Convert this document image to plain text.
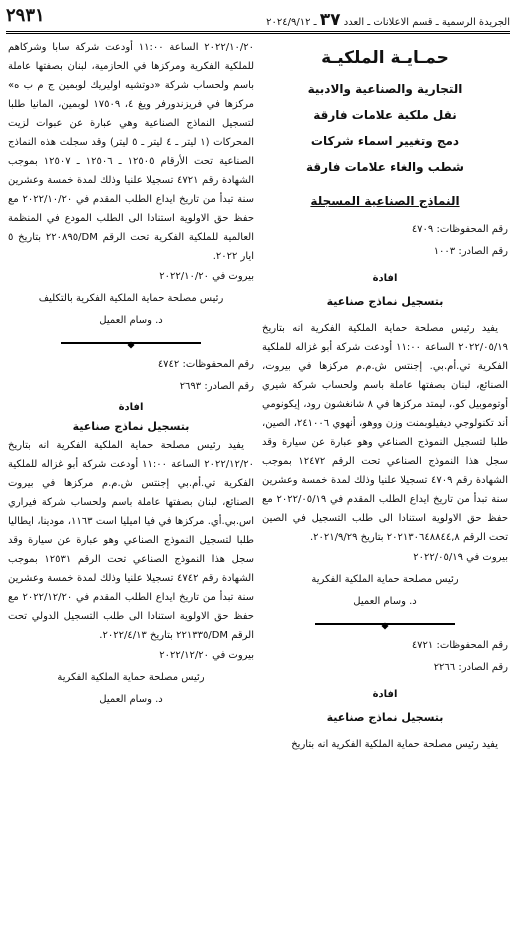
الجريدة الرسمية ـ قسم الاعلانات ـ العدد ٣٧ ـ ٢٠٢٤/٩/١٢
٢٩٣١
حمـايـة الملكيـة

التجارية والصناعية والادبية

نقل ملكية علامات فارقة

دمج وتغيير اسماء شركات

شطب والغاء علامات فارقة

النماذج الصناعية المسجلة

رقم المحفوظات: ٤٧٠٩

رقم الصادر: ١٠٠٣

افادة

بتسجيل نماذج صناعية

يفيد رئيس مصلحة حماية الملكية الفكرية انه بتاريخ ٢٠٢٢/٠٥/١٩ الساعة ١١:٠٠ أودعت شركة أبو غزاله للملكية الفكرية تي.أم.بي. إجنتس ش.م.م مركزها في بيروت، الصنائع، لبنان بصفتها عاملة باسم ولحساب شركة شيري أوتوموبيل كو.، ليمتد مركزها في ٨ شانغشون رود، إيكونومي أند تكنولوجي ديفيلوبمنت وزن ووهو، أنهوي ٢٤١٠٠٦، الصين، طلبا لتسجيل النموذج الصناعي وهو عبارة عن سيارة وقد سجل هذا النموذج الصناعي تحت الرقم ١٢٤٧٢ بموجب الشهادة رقم ٤٧٠٩ تسجيلا علنيا وذلك لمدة خمسة وعشرين سنة تبدأ من تاريخ ايداع الطلب المقدم في ٢٠٢٢/٠٥/١٩ مع حفظ حق الاولوية استنادا الى طلب التسجيل في الصين تحت الرقم ٢٠٢١٣٠٦٤٨٨٤٤,٨ بتاريخ ٢٠٢١/٩/٢٩.

بيروت في ٢٠٢٢/٠٥/١٩

رئيس مصلحة حماية الملكية الفكرية

د. وسام العميل

رقم المحفوظات: ٤٧٢١

رقم الصادر: ٢٢٦٦

افادة

بتسجيل نماذج صناعية

يفيد رئيس مصلحة حماية الملكية الفكرية انه بتاريخ

٢٠٢٢/١٠/٢٠ الساعة ١١:٠٠ أودعت شركة سابا وشركاهم للملكية الفكرية ومركزها في الحازمية، لبنان بصفتها عاملة باسم ولحساب شركة «دوتشيه اوليريك لوبمين ج م ب ه» مركزها في فريزندورفر ويغ ٤، ١٧٥٠٩ لوبمين، المانيا طلبا لتسجيل النماذج الصناعية وهي عبارة عن عبوات لزيت المحركات (١ ليتر ـ ٤ ليتر ـ ٥ ليتر) وقد سجلت هذه النماذج الصناعية تحت الأرقام ١٢٥٠٥ ـ ١٢٥٠٦ ـ ١٢٥٠٧ بموجب الشهادة رقم ٤٧٢١ تسجيلا علنيا وذلك لمدة خمسة وعشرين سنة تبدأ من تاريخ ايداع الطلب المقدم في ٢٠٢٢/١٠/٢٠ مع حفظ حق الاولوية استنادا الى الطلب المودع في المنظمة العالمية للملكية الفكرية تحت الرقم DM/٢٢٠٨٩٥ بتاريخ ٥ ايار ٢٠٢٢.

بيروت في ٢٠٢٢/١٠/٢٠

رئيس مصلحة حماية الملكية الفكرية بالتكليف

د. وسام العميل

رقم المحفوظات: ٤٧٤٢

رقم الصادر: ٢٦٩٣

افادة

بتسجيل نماذج صناعية

يفيد رئيس مصلحة حماية الملكية الفكرية انه بتاريخ ٢٠٢٢/١٢/٢٠ الساعة ١١:٠٠ أودعت شركة أبو غزاله للملكية الفكرية تي.أم.بي إجنتس ش.م.م مركزها في بيروت الصنائع، لبنان بصفتها عاملة باسم ولحساب شركة فيراري اس.بي.أي. مركزها في فيا اميليا است ١١٦٣، مودينا، ايطاليا طلبا لتسجيل النموذج الصناعي وهو عبارة عن سيارة وقد سجل هذا النموذج الصناعي تحت الرقم ١٢٥٣١ بموجب الشهادة رقم ٤٧٤٢ تسجيلا علنيا وذلك لمدة خمسة وعشرين سنة تبدأ من تاريخ ايداع الطلب المقدم في ٢٠٢٢/١٢/٢٠ مع حفظ حق الاولوية استنادا الى طلب التسجيل الدولي تحت الرقم DM/٢٢١٣٣٥ بتاريخ ٢٠٢٢/٤/١٣.

بيروت في ٢٠٢٢/١٢/٢٠

رئيس مصلحة حماية الملكية الفكرية

د. وسام العميل
